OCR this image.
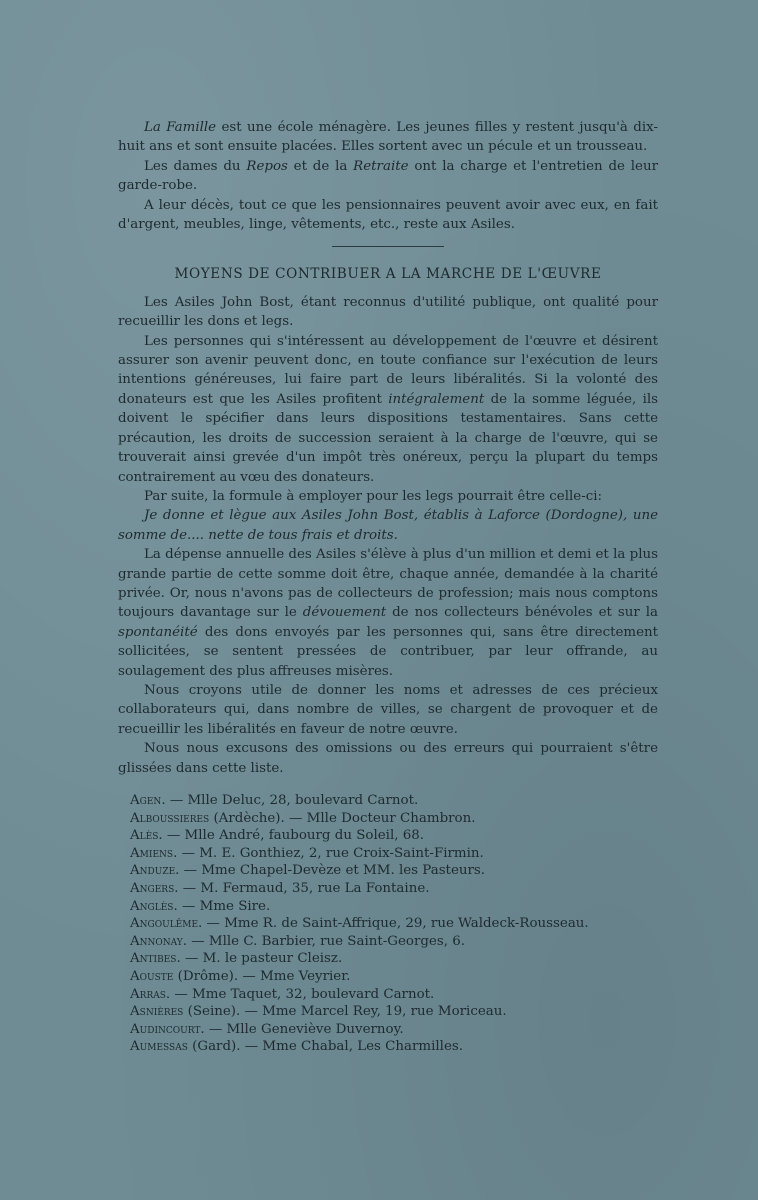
La Famille est une école ménagère. Les jeunes filles y restent jusqu'à dix-huit ans et sont ensuite placées. Elles sortent avec un pécule et un trousseau.

Les dames du Repos et de la Retraite ont la charge et l'entretien de leur garde-robe.

A leur décès, tout ce que les pensionnaires peuvent avoir avec eux, en fait d'argent, meubles, linge, vêtements, etc., reste aux Asiles.

MOYENS DE CONTRIBUER A LA MARCHE DE L'ŒUVRE

Les Asiles John Bost, étant reconnus d'utilité publique, ont qualité pour recueillir les dons et legs.

Les personnes qui s'intéressent au développement de l'œuvre et désirent assurer son avenir peuvent donc, en toute confiance sur l'exécution de leurs intentions généreuses, lui faire part de leurs libéralités. Si la volonté des donateurs est que les Asiles profitent intégralement de la somme léguée, ils doivent le spécifier dans leurs dispositions testamentaires. Sans cette précaution, les droits de succession seraient à la charge de l'œuvre, qui se trouverait ainsi grevée d'un impôt très onéreux, perçu la plupart du temps contrairement au vœu des donateurs.

Par suite, la formule à employer pour les legs pourrait être celle-ci:

Je donne et lègue aux Asiles John Bost, établis à Laforce (Dordogne), une somme de.... nette de tous frais et droits.

La dépense annuelle des Asiles s'élève à plus d'un million et demi et la plus grande partie de cette somme doit être, chaque année, demandée à la charité privée. Or, nous n'avons pas de collecteurs de profession; mais nous comptons toujours davantage sur le dévouement de nos collecteurs bénévoles et sur la spontanéité des dons envoyés par les personnes qui, sans être directement sollicitées, se sentent pressées de contribuer, par leur offrande, au soulagement des plus affreuses misères.

Nous croyons utile de donner les noms et adresses de ces précieux collaborateurs qui, dans nombre de villes, se chargent de provoquer et de recueillir les libéralités en faveur de notre œuvre.

Nous nous excusons des omissions ou des erreurs qui pourraient s'être glissées dans cette liste.

Agen. — Mlle Deluc, 28, boulevard Carnot.
Alboussieres (Ardèche). — Mlle Docteur Chambron.
Alès. — Mlle André, faubourg du Soleil, 68.
Amiens. — M. E. Gonthiez, 2, rue Croix-Saint-Firmin.
Anduze. — Mme Chapel-Devèze et MM. les Pasteurs.
Angers. — M. Fermaud, 35, rue La Fontaine.
Anglès. — Mme Sire.
Angoulême. — Mme R. de Saint-Affrique, 29, rue Waldeck-Rousseau.
Annonay. — Mlle C. Barbier, rue Saint-Georges, 6.
Antibes. — M. le pasteur Cleisz.
Aouste (Drôme). — Mme Veyrier.
Arras. — Mme Taquet, 32, boulevard Carnot.
Asnières (Seine). — Mme Marcel Rey, 19, rue Moriceau.
Audincourt. — Mlle Geneviève Duvernoy.
Aumessas (Gard). — Mme Chabal, Les Charmilles.
